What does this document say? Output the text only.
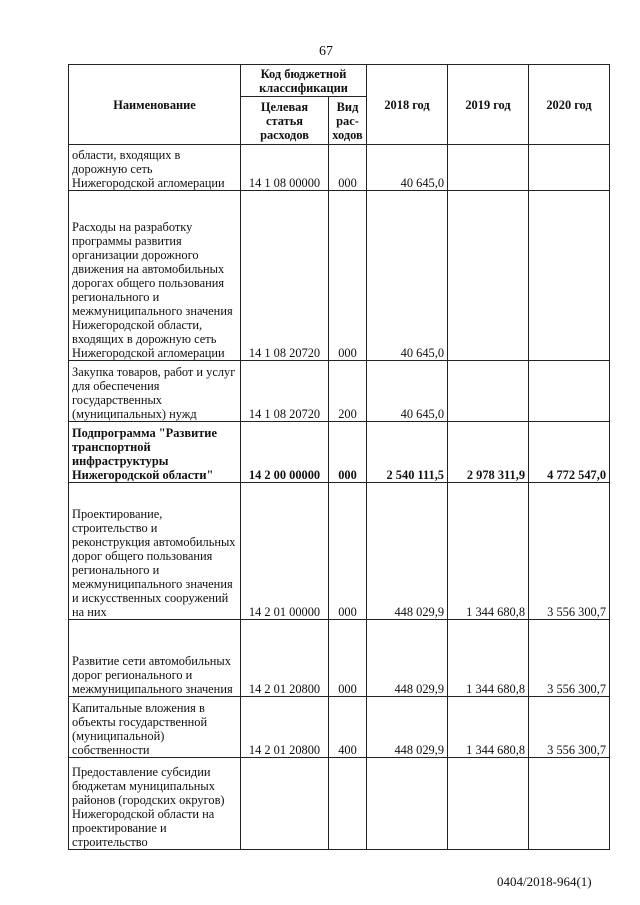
67
Наименование	Код бюджетной классификации		2018 год	2019 год	2020 год
	Целевая статья расходов	Вид рас- ходов			
области, входящих в дорожную сеть Нижегородской агломерации	14 1 08 00000	000	40 645,0		
Расходы на разработку программы развития организации дорожного движения на автомобильных дорогах общего пользования регионального и межмуниципального значения Нижегородской области, входящих в дорожную сеть Нижегородской агломерации	14 1 08 20720	000	40 645,0		
Закупка товаров, работ и услуг для обеспечения государственных (муниципальных) нужд	14 1 08 20720	200	40 645,0		
Подпрограмма "Развитие транспортной инфраструктуры Нижегородской области"	14 2 00 00000	000	2 540 111,5	2 978 311,9	4 772 547,0
Проектирование, строительство и реконструкция автомобильных дорог общего пользования регионального и межмуниципального значения и искусственных сооружений на них	14 2 01 00000	000	448 029,9	1 344 680,8	3 556 300,7
Развитие сети автомобильных дорог регионального и межмуниципального значения	14 2 01 20800	000	448 029,9	1 344 680,8	3 556 300,7
Капитальные вложения в объекты государственной (муниципальной) собственности	14 2 01 20800	400	448 029,9	1 344 680,8	3 556 300,7
Предоставление субсидии бюджетам муниципальных районов (городских округов) Нижегородской области на проектирование и строительство					
0404/2018-964(1)
